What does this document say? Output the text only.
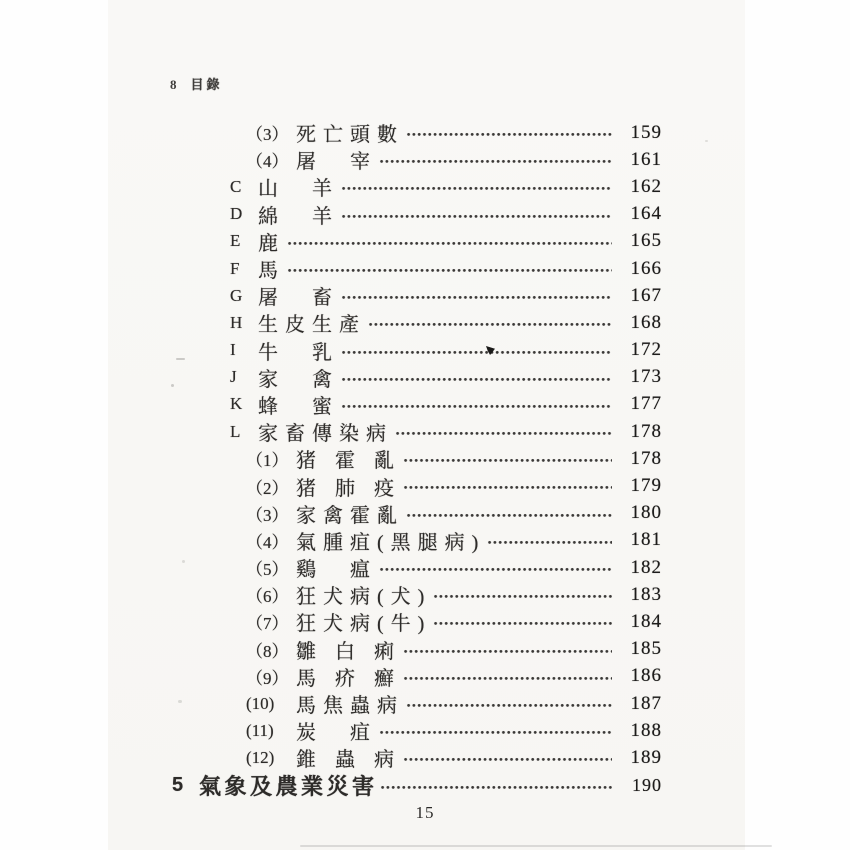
8 目錄
（3） 死亡頭數	159
（4） 屠　宰	161
C 山　羊	162
D 綿　羊	164
E 鹿	165
F 馬	166
G 屠　畜	167
H 生皮生產	168
I	牛　乳	172
J	家　禽	173
K 蜂　蜜	177
L 家畜傳染病	178
（1） 猪 霍 亂	178
（2） 猪 肺 疫	179
（3） 家禽霍亂	180
（4） 氣腫疽(黑腿病)	181
（5） 鷄　瘟	182
（6） 狂犬病(犬)	183
（7） 狂犬病(牛)	184
（8） 雛 白 痢	185
（9） 馬 疥 癬	186
(10)	馬焦蟲病	187
(11)	炭　疽	188
(12)	錐 蟲 病	189
5 氣象及農業災害	190
15
